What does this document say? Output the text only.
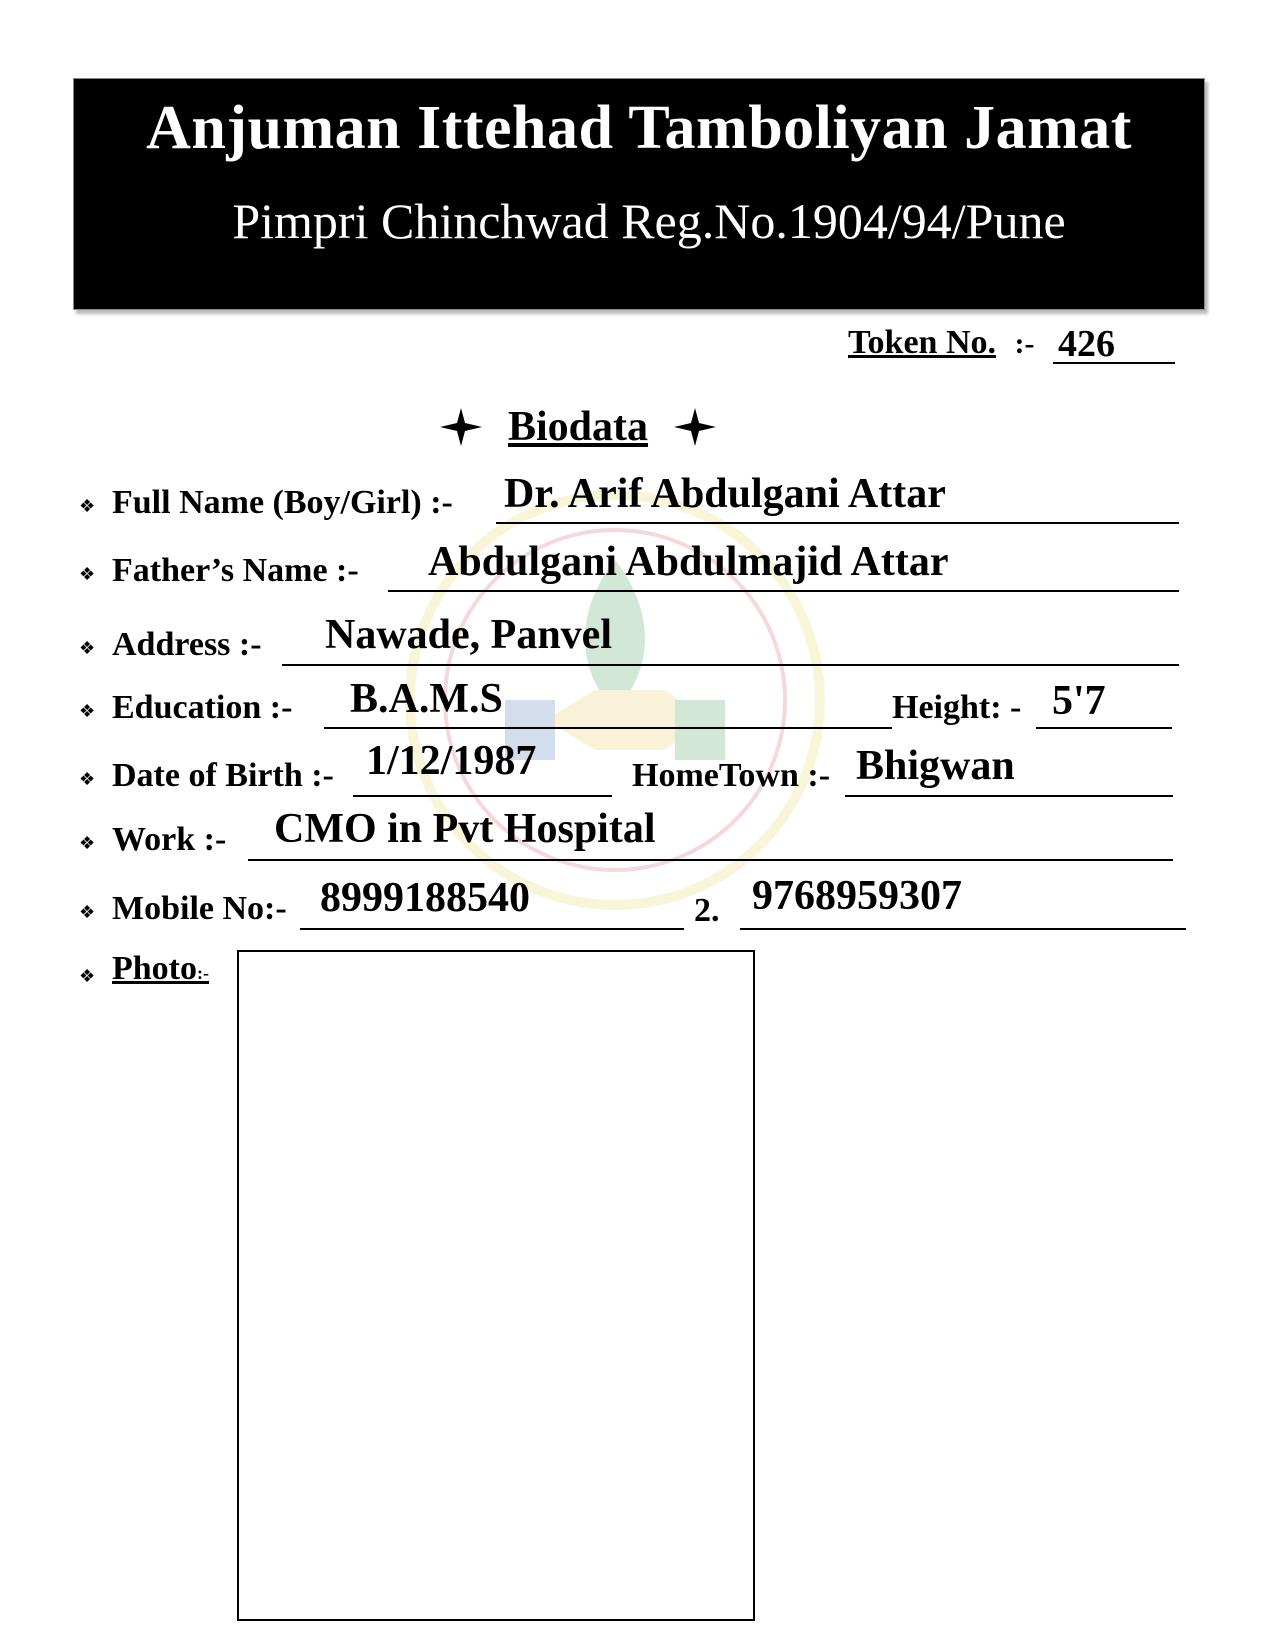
Anjuman Ittehad Tamboliyan Jamat
Pimpri Chinchwad Reg.No.1904/94/Pune
Token No. :- 426
Biodata
❖ Full Name (Boy/Girl) :- Dr. Arif Abdulgani Attar
❖ Father’s Name :- Abdulgani Abdulmajid Attar
❖ Address :- Nawade, Panvel
❖ Education :- B.A.M.S	Height: - 5'7
❖ Date of Birth :- 1/12/1987	HomeTown :- Bhigwan
❖ Work :- CMO in Pvt Hospital
❖ Mobile No:- 8999188540	2. 9768959307
❖ Photo:-
